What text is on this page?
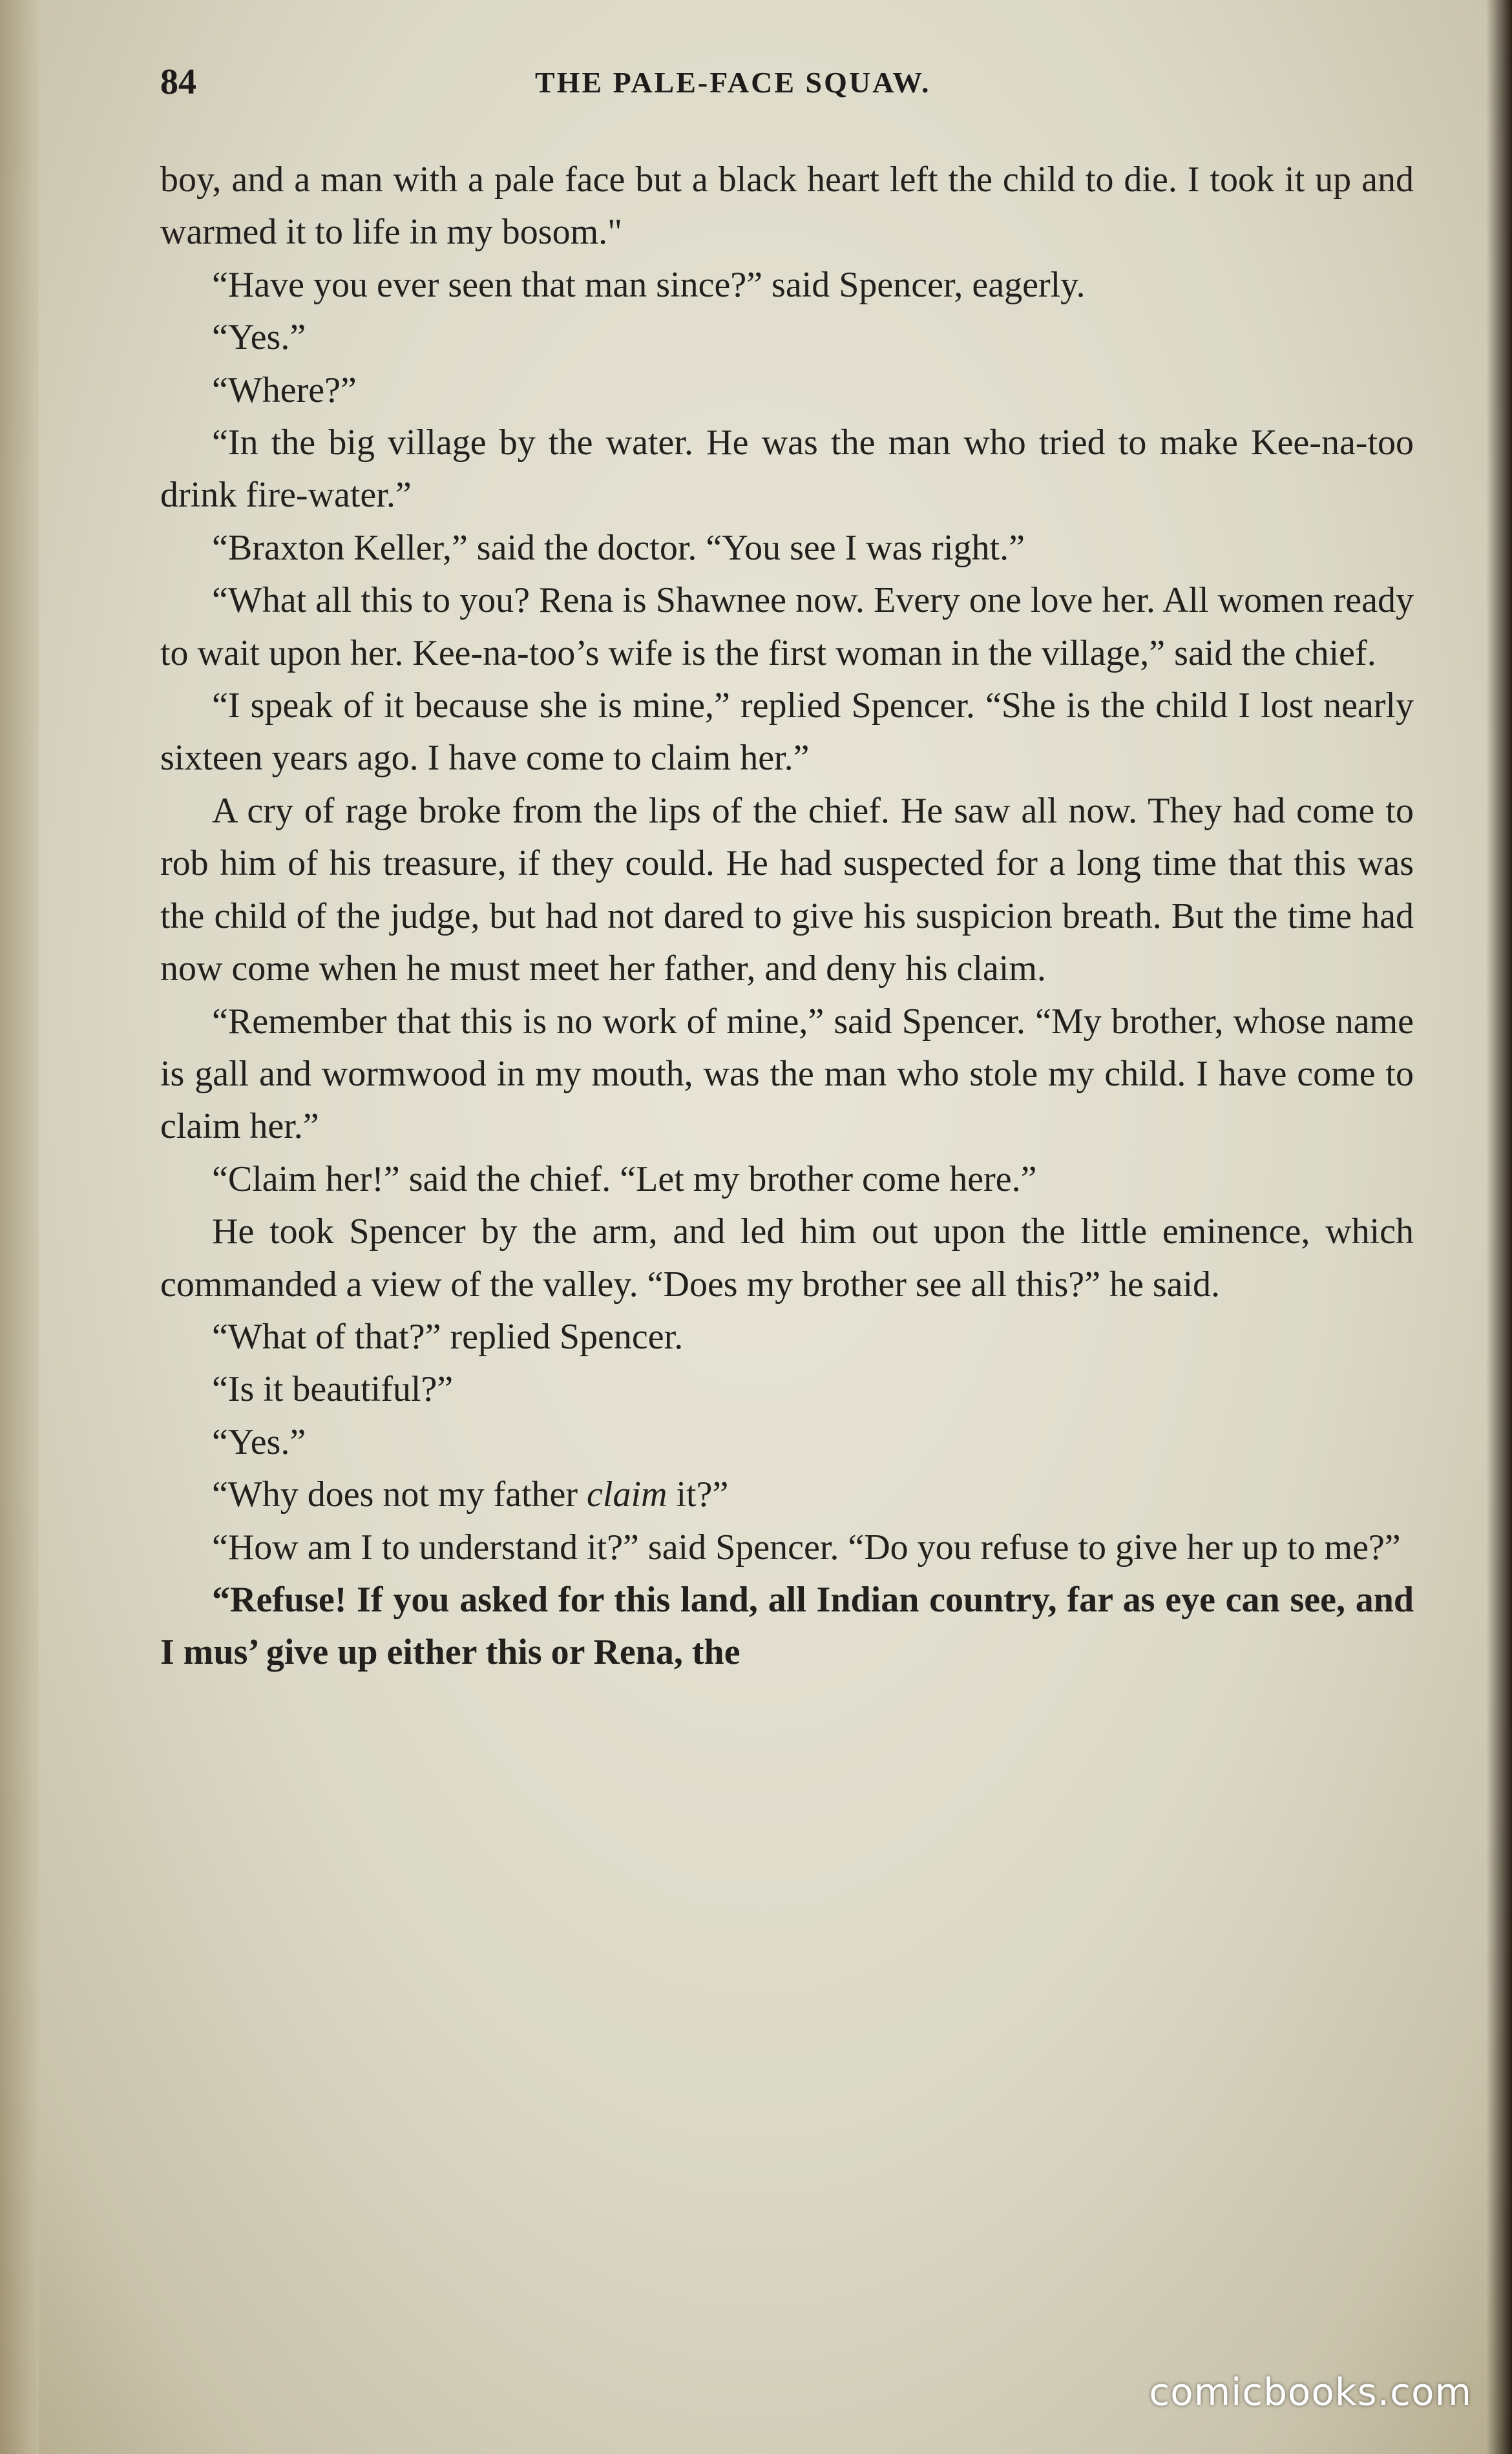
84	THE PALE-FACE SQUAW.

boy, and a man with a pale face but a black heart left the child to die. I took it up and warmed it to life in my bosom."

“Have you ever seen that man since?” said Spencer, eagerly.

“Yes.”

“Where?”

“In the big village by the water. He was the man who tried to make Kee-na-too drink fire-water.”

“Braxton Keller,” said the doctor. “You see I was right.”

“What all this to you? Rena is Shawnee now. Every one love her. All women ready to wait upon her. Kee-na-too’s wife is the first woman in the village,” said the chief.

“I speak of it because she is mine,” replied Spencer. “She is the child I lost nearly sixteen years ago. I have come to claim her.”

A cry of rage broke from the lips of the chief. He saw all now. They had come to rob him of his treasure, if they could. He had suspected for a long time that this was the child of the judge, but had not dared to give his suspicion breath. But the time had now come when he must meet her father, and deny his claim.

“Remember that this is no work of mine,” said Spencer. “My brother, whose name is gall and wormwood in my mouth, was the man who stole my child. I have come to claim her.”

“Claim her!” said the chief. “Let my brother come here.”

He took Spencer by the arm, and led him out upon the little eminence, which commanded a view of the valley. “Does my brother see all this?” he said.

“What of that?” replied Spencer.

“Is it beautiful?”

“Yes.”

“Why does not my father claim it?”

“How am I to understand it?” said Spencer. “Do you refuse to give her up to me?”

“Refuse! If you asked for this land, all Indian country, far as eye can see, and I mus’ give up either this or Rena, the

comicbooks.com
